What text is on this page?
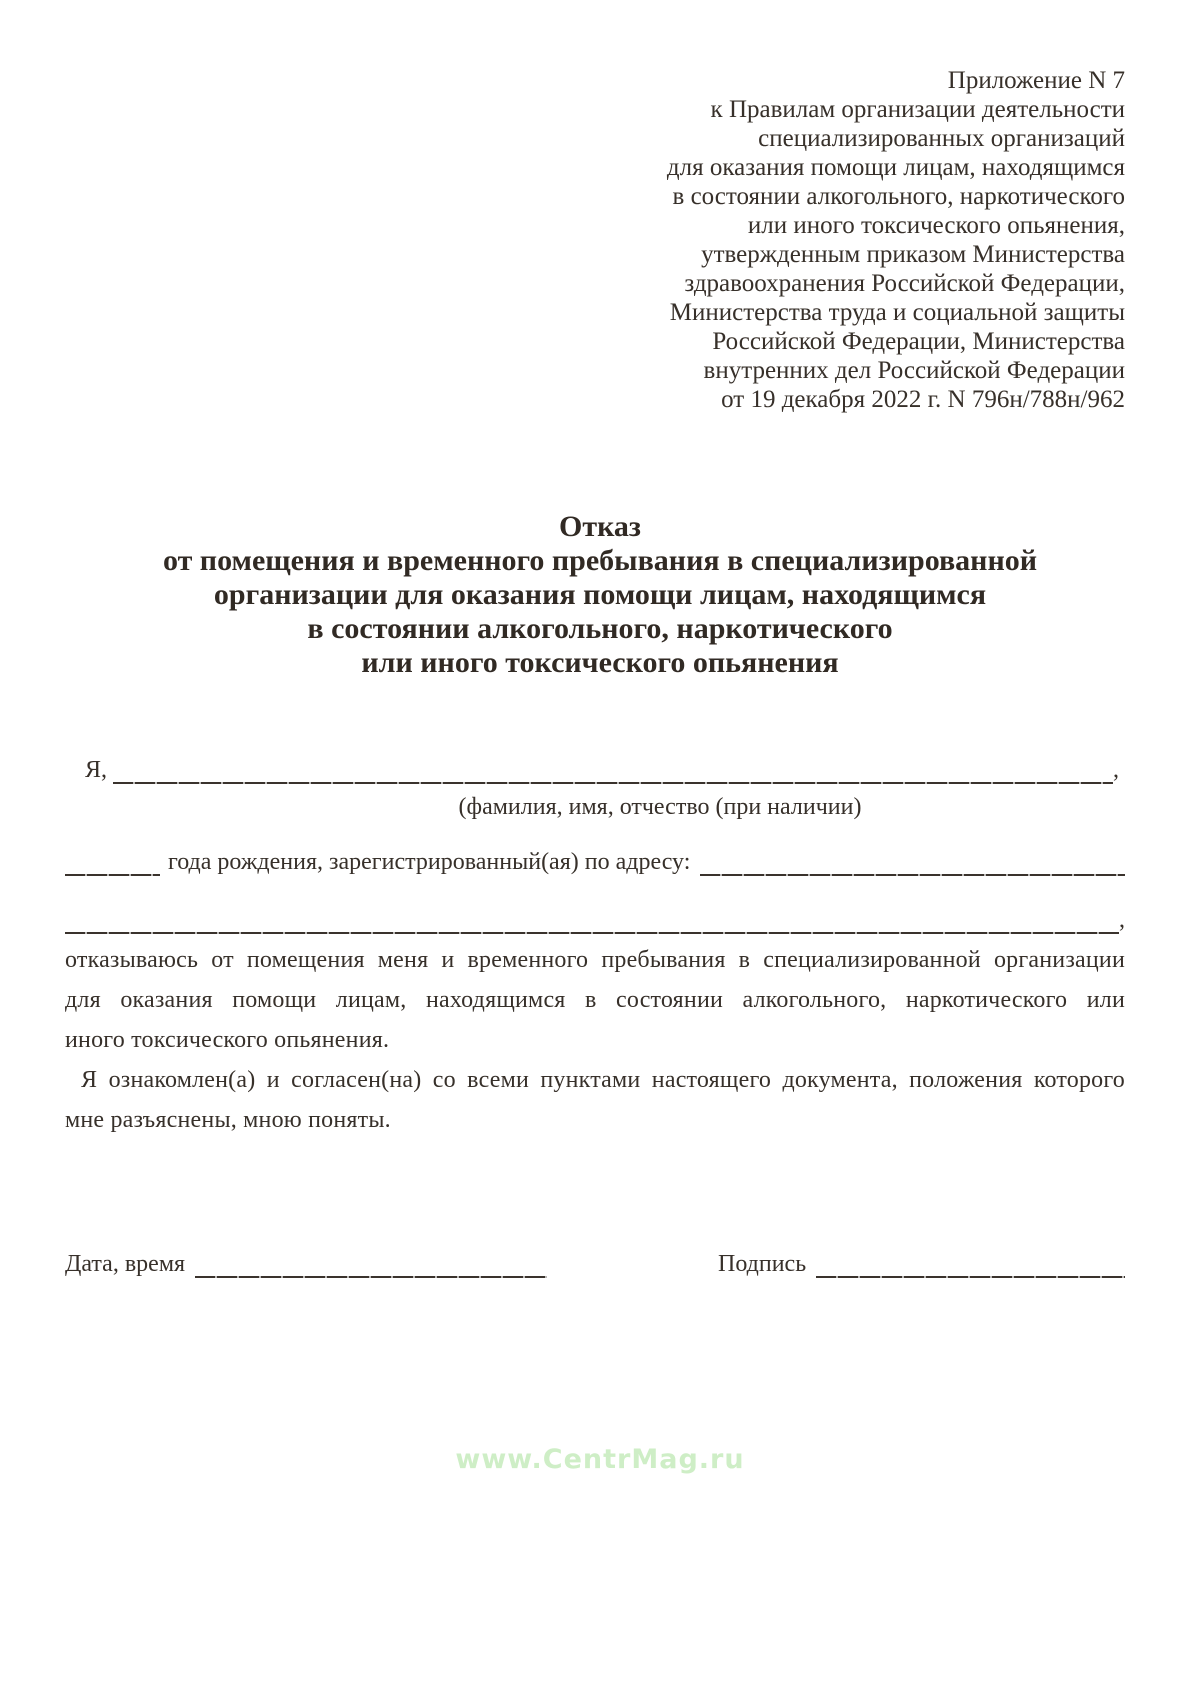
Приложение N 7
к Правилам организации деятельности
специализированных организаций
для оказания помощи лицам, находящимся
в состоянии алкогольного, наркотического
или иного токсического опьянения,
утвержденным приказом Министерства
здравоохранения Российской Федерации,
Министерства труда и социальной защиты
Российской Федерации, Министерства
внутренних дел Российской Федерации
от 19 декабря 2022 г. N 796н/788н/962
Отказ
от помещения и временного пребывания в специализированной
организации для оказания помощи лицам, находящимся
в состоянии алкогольного, наркотического
или иного токсического опьянения
Я,	,
(фамилия, имя, отчество (при наличии)
года рождения, зарегистрированный(ая) по адресу:
,
отказываюсь от помещения меня и временного пребывания в специализированной организации
для оказания помощи лицам, находящимся в состоянии алкогольного, наркотического или
иного токсического опьянения.
Я ознакомлен(а) и согласен(на) со всеми пунктами настоящего документа, положения которого
мне разъяснены, мною поняты.
Дата, время	Подпись
www.CentrMag.ru
